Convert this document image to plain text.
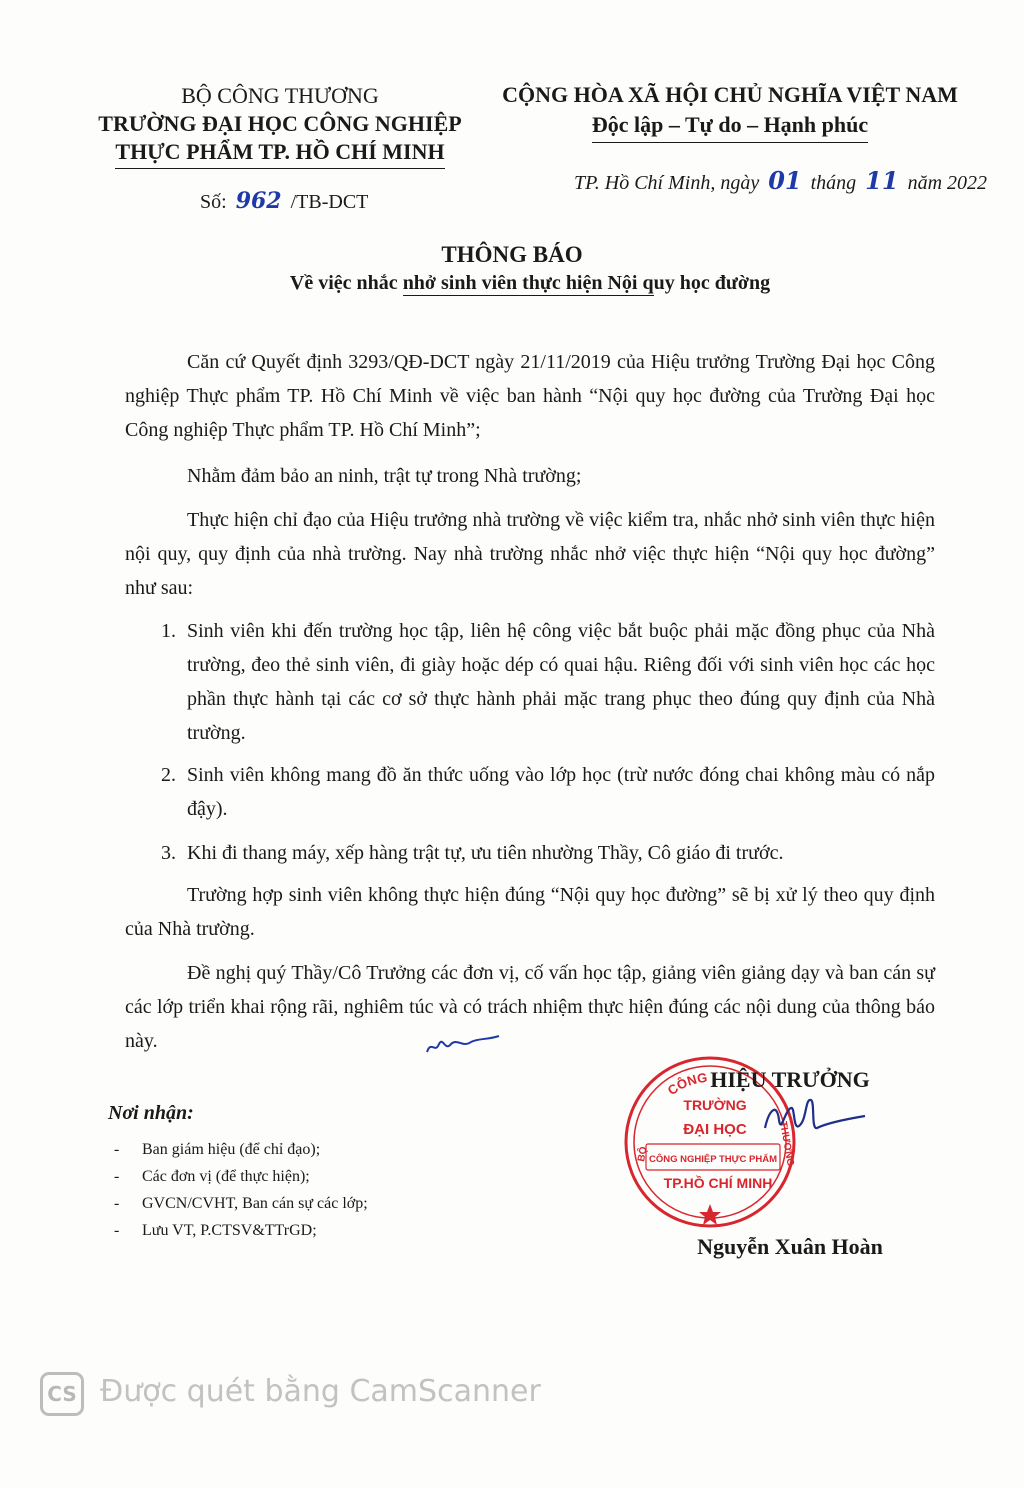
BỘ CÔNG THƯƠNG
TRƯỜNG ĐẠI HỌC CÔNG NGHIỆP
THỰC PHẨM TP. HỒ CHÍ MINH
Số: 962 /TB-DCT
CỘNG HÒA XÃ HỘI CHỦ NGHĨA VIỆT NAM
Độc lập – Tự do – Hạnh phúc
TP. Hồ Chí Minh, ngày 01 tháng 11 năm 2022
THÔNG BÁO
Về việc nhắc nhở sinh viên thực hiện Nội quy học đường
Căn cứ Quyết định 3293/QĐ-DCT ngày 21/11/2019 của Hiệu trưởng Trường Đại học Công nghiệp Thực phẩm TP. Hồ Chí Minh về việc ban hành “Nội quy học đường của Trường Đại học Công nghiệp Thực phẩm TP. Hồ Chí Minh”;
Nhằm đảm bảo an ninh, trật tự trong Nhà trường;
Thực hiện chỉ đạo của Hiệu trưởng nhà trường về việc kiểm tra, nhắc nhở sinh viên thực hiện nội quy, quy định của nhà trường. Nay nhà trường nhắc nhở việc thực hiện “Nội quy học đường” như sau:
1. Sinh viên khi đến trường học tập, liên hệ công việc bắt buộc phải mặc đồng phục của Nhà trường, đeo thẻ sinh viên, đi giày hoặc dép có quai hậu. Riêng đối với sinh viên học các học phần thực hành tại các cơ sở thực hành phải mặc trang phục theo đúng quy định của Nhà trường.
2. Sinh viên không mang đồ ăn thức uống vào lớp học (trừ nước đóng chai không màu có nắp đậy).
3. Khi đi thang máy, xếp hàng trật tự, ưu tiên nhường Thầy, Cô giáo đi trước.
Trường hợp sinh viên không thực hiện đúng “Nội quy học đường” sẽ bị xử lý theo quy định của Nhà trường.
Đề nghị quý Thầy/Cô Trưởng các đơn vị, cố vấn học tập, giảng viên giảng dạy và ban cán sự các lớp triển khai rộng rãi, nghiêm túc và có trách nhiệm thực hiện đúng các nội dung của thông báo này.
Nơi nhận:
- Ban giám hiệu (để chỉ đạo);
- Các đơn vị (để thực hiện);
- GVCN/CVHT, Ban cán sự các lớp;
- Lưu VT, P.CTSV&TTrGD;
CÔNG
TRƯỜNG
ĐẠI HỌC
CÔNG NGHIỆP THỰC PHẨM
TP.HỒ CHÍ MINH
BỘ	THƯƠNG
HIỆU TRƯỞNG
Nguyễn Xuân Hoàn
CS Được quét bằng CamScanner
